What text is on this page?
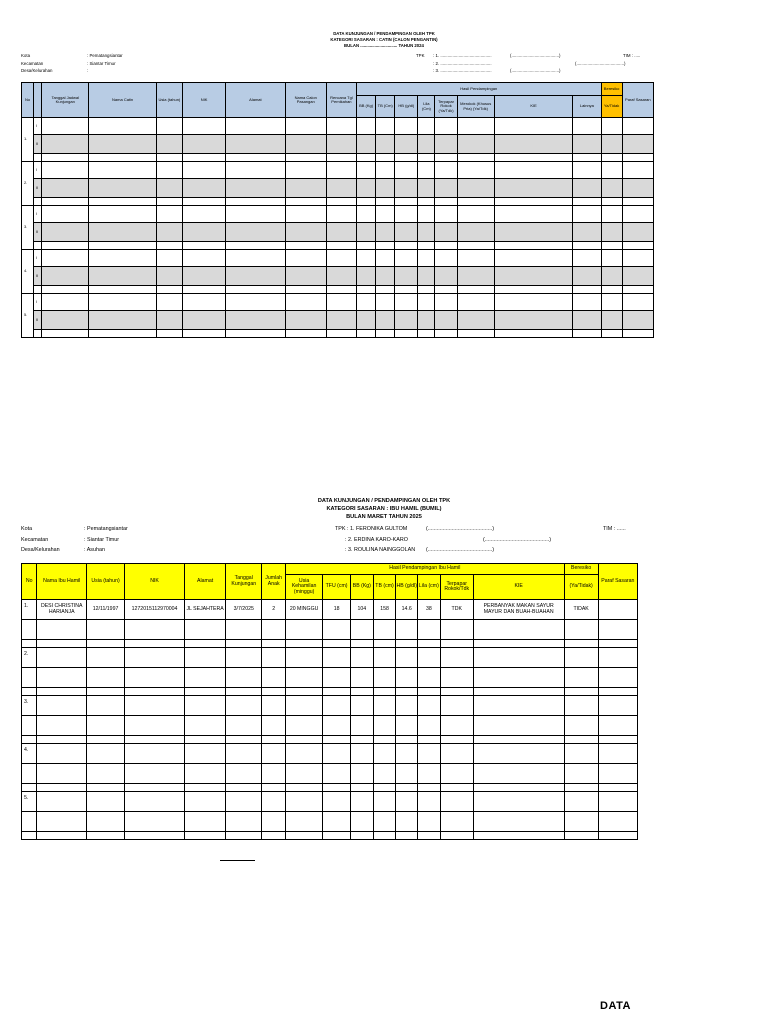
DATA KUNJUNGAN / PENDAMPINGAN OLEH TPK
KATEGORI SASARAN : CATIN (CALON PENGANTIN)
BULAN ............................... TAHUN 2024
Kota	: Pematangsiantar
Kecamatan	: Siantar Timur
Desa/Kelurahan	:
TPK : 1. ..........................................
: 2. ..........................................
: 3. ..........................................
(.......................................)
(.......................................)
(.......................................)
TIM : .....
No		Tanggal Jadwal Kunjungan	Nama Catin	Usia (tahun)	NIK	Alamat	Nama Calon Pasangan	Rencana Tgl Pernikahan	Hasil Pendampingan								Beresiko	Paraf Sasaran
									BB (Kg)	TB (Cm)	HB (g/dl)	Lila (Cm)	Terpapar Rokok (Ya/Tdk)	Merokok (Khusus Pria) (Ya/Tdk)	KIE	Lainnya	Ya/Tidak	
1.	I																	
	II																	

2.	I																	
	II																	

3.	I																	
	II																	

4.	I																	
	II																	

5.	I																	
	II																	

DATA KUNJUNGAN / PENDAMPINGAN OLEH TPK
KATEGORI SASARAN : IBU HAMIL (BUMIL)
BULAN MARET TAHUN 2025
Kota	: Pematangsiantar
Kecamatan	: Siantar Timur
Desa/Kelurahan	: Asuhan
TPK : 1. FERONIKA GULTOM
: 2. ERDINA KARO-KARO
: 3. ROULINA NAINGGOLAN
(...........................................)
(...........................................)
(...........................................)
TIM : ......
No	Nama Ibu Hamil	Usia (tahun)	NIK	Alamat	Tanggal Kunjungan	Jumlah Anak	Hasil Pendampingan Ibu Hamil								Beresiko	Paraf Sasaran
							Usia Kehamilan (minggu)	TFU (cm)	BB (Kg)	TB (cm)	HB (g/dl)	Lila (cm)	Terpapar Rokok/Tdk	KIE	(Ya/Tidak)	
1.	DESI CHRISTINA HARIANJA	12/11/1997	1272015112970004	JL SEJAHTERA	3/7/2025	2	20 MINGGU	18	104	158	14.6	38	TDK	PERBANYAK MAKAN SAYUR MAYUR DAN BUAH-BUAHAN	TIDAK	

2.																

3.																

4.																

5.																

DATA
